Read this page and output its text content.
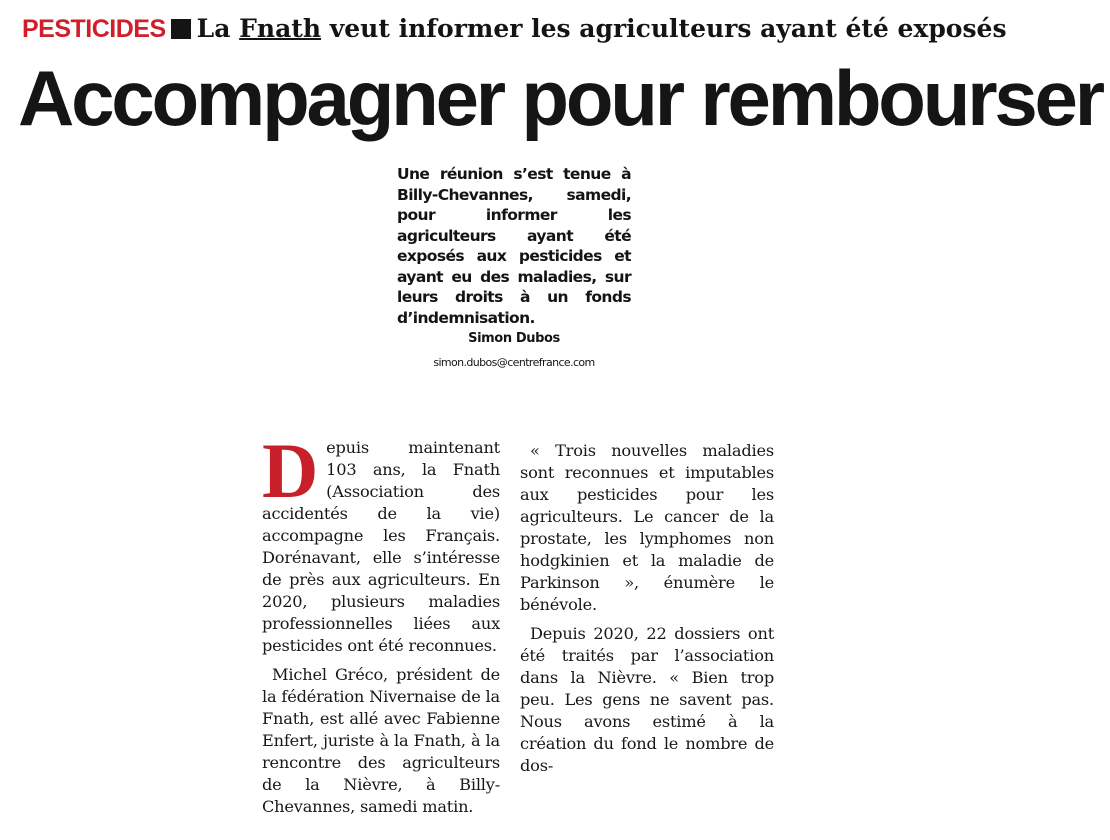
PESTICIDES La Fnath veut informer les agriculteurs ayant été exposés
Accompagner pour rembourser

Une réunion s’est tenue à Billy-Chevannes, samedi, pour informer les agriculteurs ayant été exposés aux pesticides et ayant eu des maladies, sur leurs droits à un fonds d’indemnisation.

Simon Dubos
simon.dubos@centrefrance.com

Depuis maintenant 103 ans, la Fnath (Association des accidentés de la vie) accompagne les Français. Dorénavant, elle s’intéresse de près aux agriculteurs. En 2020, plusieurs maladies professionnelles liées aux pesticides ont été reconnues.

Michel Gréco, président de la fédération Nivernaise de la Fnath, est allé avec Fabienne Enfert, juriste à la Fnath, à la rencontre des agriculteurs de la Nièvre, à Billy-Chevannes, samedi matin.

« Trois nouvelles maladies sont reconnues et imputables aux pesticides pour les agriculteurs. Le cancer de la prostate, les lymphomes non hodgkinien et la maladie de Parkinson », énumère le bénévole.

Depuis 2020, 22 dossiers ont été traités par l’association dans la Nièvre. « Bien trop peu. Les gens ne savent pas. Nous avons estimé à la création du fond le nombre de dos-
